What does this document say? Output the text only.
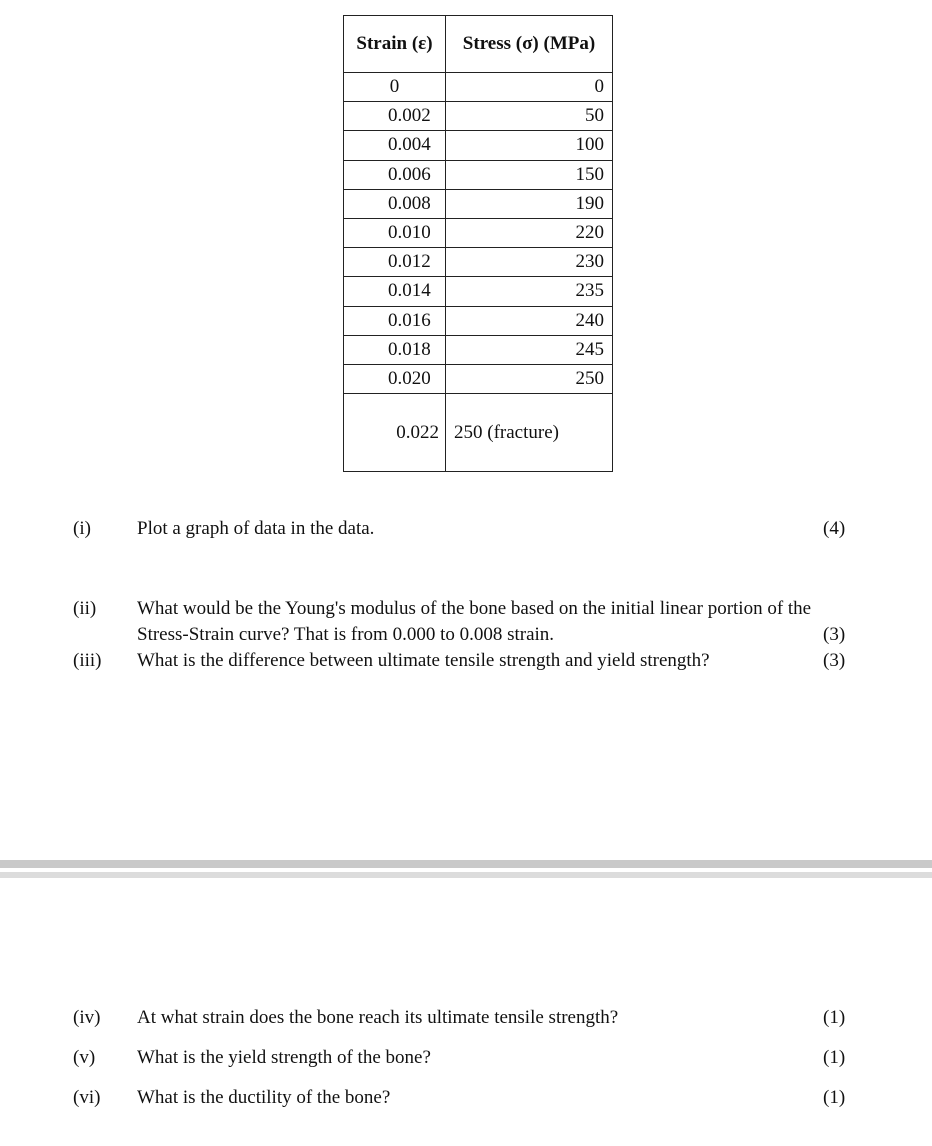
Strain (ε)	Stress (σ) (MPa)
0	0
0.002	50
0.004	100
0.006	150
0.008	190
0.010	220
0.012	230
0.014	235
0.016	240
0.018	245
0.020	250
0.022	250 (fracture)
(i) Plot a graph of data in the data.	(4)
(ii) What would be the Young's modulus of the bone based on the initial linear portion of the
Stress-Strain curve? That is from 0.000 to 0.008 strain.	(3)
(iii) What is the difference between ultimate tensile strength and yield strength?	(3)
(iv) At what strain does the bone reach its ultimate tensile strength?	(1)
(v) What is the yield strength of the bone?	(1)
(vi) What is the ductility of the bone?	(1)
